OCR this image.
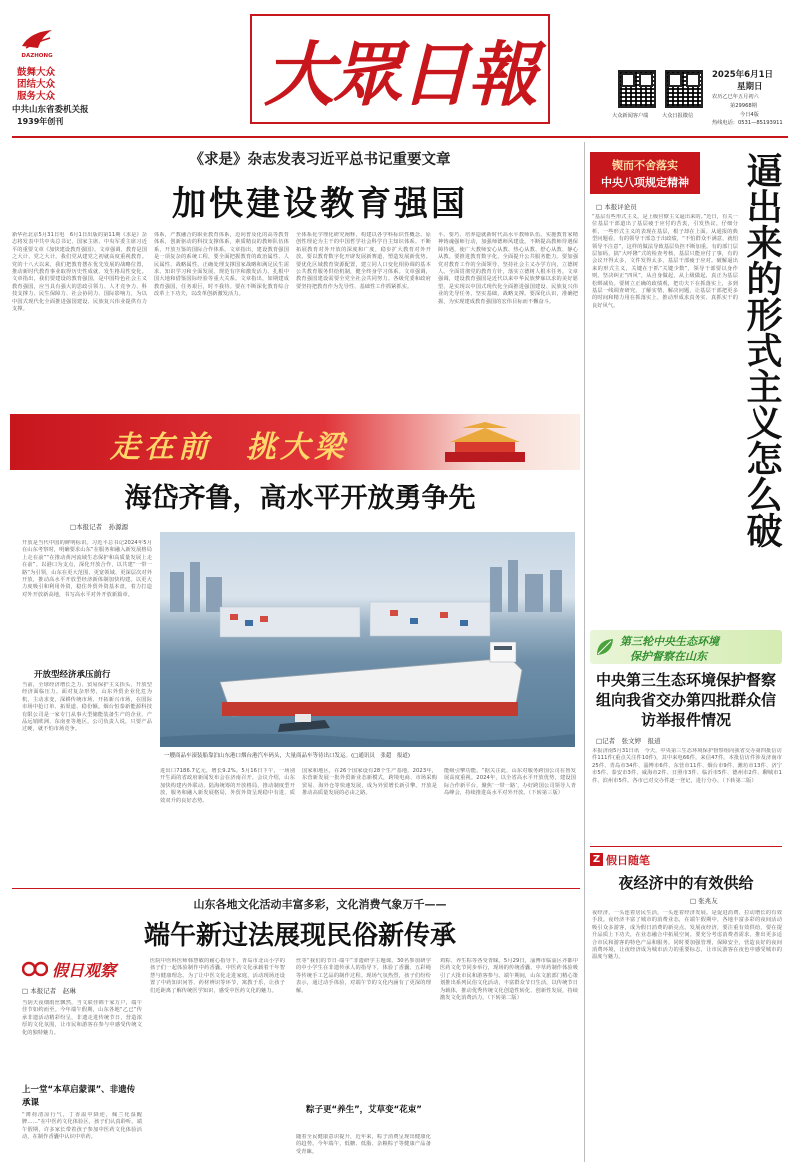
DAZHONG
鼓舞大众
团结大众
服务大众
中共山东省委机关报
1939年创刊
大眾日報
大众新闻客户端	大众日报微信
2025年6月1日
星期日
农历乙巳年五月初六
第29968期
今日4版
热线电话：0531—85193911
《求是》杂志发表习近平总书记重要文章
加快建设教育强国
新华社北京5月31日电　6月1日出版的第11期《求是》杂志将发表中共中央总书记、国家主席、中央军委主席习近平的重要文章《加快建设教育强国》。文章强调，教育是国之大计、党之大计。我们党从建党之初就高度重视教育。党的十八大以来，我们把教育摆在优先发展的战略位置，推动新时代教育事业取得历史性成就、发生格局性变化。文章指出，我们要建设的教育强国，是中国特色社会主义教育强国，应当具有强大的思政引领力、人才竞争力、科技支撑力、民生保障力、社会协同力、国际影响力，为以中国式现代化全面推进强国建设、民族复兴伟业提供有力支撑。
体系，产教融合的职业教育体系，迈向普及化的高等教育体系，创新驱动的科技支撑体系，素质精良的教师队伍体系，开放互鉴的国际合作体系。文章指出，建设教育强国是一项复杂的系统工程，要全面把握教育的政治属性、人民属性、战略属性，正确处理支撑国家战略和满足民生需求、知识学习和全面发展、规范有序和激发活力、扎根中国大地和借鉴国际经验等重大关系。文章指出，如期建成教育强国，任务艰巨，时不我待。要在不断深化教育综合改革上下功夫，以改革创新激发活力。
全体系化学理化研究阐释，构建以各学科标识性概念、原创性理论为主干的中国哲学社会科学自主知识体系。不断拓展教育对外开放的深度和广度，稳步扩大教育对外开放。要以教育数字化开辟发展新赛道、塑造发展新优势。要优化区域教育资源配置，建立同人口变化相协调的基本公共教育服务供给机制，健全终身学习体系。文章强调，教育强国建设需要全党全社会共同努力。各级党委和政府要坚持把教育作为先导性、基础性工作抓紧抓实。
平。要巧、培养造就新时代高水平教师队伍。实施教育家精神铸魂强师行动，加强师德师风建设。不断提高教师待遇保障待遇，使广大教师安心从教、热心从教、舒心从教、静心从教。要推进教育数字化，全面提升公共服务能力。要加强党对教育工作的全面领导，坚持社会主义办学方向，立德树人。全面贯彻党的教育方针，落实立德树人根本任务。文章强调，建设教育强国是近代以来中华民族梦寐以求的美好愿望，是实现以中国式现代化全面推进强国建设、民族复兴伟业的先导任务，坚实基础，战略支撑。要深化认识，准确把握，为实现建成教育强国的宏伟目标而不懈奋斗。
走在前　挑大梁
海岱齐鲁，高水平开放勇争先
□本报记者　孙源源
开放是当代中国的鲜明标识。习近平总书记2024年5月在山东考察时，明确要求山东“在服务和融入新发展格局上走在前”“在推动黄河流域生态保护和高质量发展上走在前”。以港口为支点，深化开放合作，以共建“一带一路”为引领，山东在更大范围、更宽领域、更深层次对外开放，推动高水平开放型经济新体制加快构建。以更大力度吸引和利用外资，稳住外贸外资基本盘，着力打造对外开放新高地，书写高水平对外开放新篇章。
开放型经济承压前行
当前，全球经济增长乏力、贸易保护主义抬头，开放型经济面临压力。面对复杂形势，山东外贸企业化危为机，主动求变，深耕传统市场、开拓新兴市场，在国际市场中抢订单、拓渠道、稳份额。烟台恒泰新能源科技有限公司是一家专门从事大型储能装备生产的企业，产品远销欧洲、东南亚等地区。公司负责人说，只要产品过硬，就不怕市场竞争。
一艘商品车滚装船靠泊山东港口烟台港汽车码头，大量商品车等待出口发运。(□通讯员　张超　报道)
进出口7186.7亿元，增长9.2%。5月16日下午，一场别开生面的省政府新闻发布会在济南召开。会议介绍，山东加快构建内外联动、陆海统筹的开放格局，推动制度型开放，服务和融入新发展格局，外贸外资呈现稳中有进、质效双升的良好态势。
国家和地区，在26个国家设有28个生产基地。2023年，东营新发展一批外贸新业态新模式，跨境电商、市场采购贸易、海外仓等快速发展，成为外贸增长新引擎。开放是推动高质量发展的必由之路。
能级引擎功能。“据关注此，山东对服务跨国公司在鲁发展高度重视。2024年，以全省高水平开放优势，建设国际合作新平台，聚焦‘一带一路’，办好跨国公司领导人青岛峰会，持续推进高水平对外开放。（下转第三版）
山东各地文化活动丰富多彩，文化消费气象万千——
端午新过法展现民俗新传承
假日观察
□ 本报记者　赵琳
当阴天夜细雨丝飘然，当文联佳锦千家万户，端午佳节如约而至。今年端午假期，山东各地“乙已”传承非遗活动精彩纷呈，非遗走进传统节日，营造浓厚的文化氛围，让市民和游客在参与中感受传统文化的独特魅力。
上一堂“本草启蒙课”、非遗传承课
“薄荷清凉行气，丁香温中降逆，佩兰化湿醒脾……”在中医药文化体验区，孩子们认真聆听。端午假期，许多家长带着孩子参加中医药文化体验活动，在制作香囊中认识中草药。
医院中医科医师韩慧敏的耐心指导下，青岛市北山小学的孩子们一起体验制作中药香囊。中医药文化承载着千年智慧与健康理念。为了让中医文化走进家庭，活动现场还设置了中药知识问答、药材辨识等环节，寓教于乐，让孩子们近距离了解传统医学知识，感受中医药文化的魅力。
丝等“我们的节日·端午”非遗研学主题课。30名参加研学的中小学生在非遗传承人的指导下，体验了香囊、五彩绳等传统手工艺品的制作过程。现场气氛热烈，孩子们纷纷表示，通过动手体验，对端午节的文化内涵有了更深的理解。
粽子更“养生”，艾草变“花束”
随着全民健康意识提升，近年来，粽子消费呈现出健康化的趋势。今年端午，低糖、低脂、杂粮粽子等健康产品备受青睐。
鸡粽、养生粽等各受青睐。5月29日，淄博市临淄区齐都中医药文化节同步举行，现场的传统香囊、中草药制作体验吸引了大批市民和游客参与。端午期间，山东文旅部门精心策划推出系列民俗文化活动，丰富群众节日生活，以传统节日为载体，推动优秀传统文化创造性转化、创新性发展，持续激发文化消费活力。（下转第二版）
锲而不舍落实
中央八项规定精神
□ 本报评论员	逼出来的形式主义怎么破
“基层有些形式主义，是上级官僚主义逼出来的。”近日，有关一位基层干部道出了基层疲于应付的苦衷，引发热议。仔细分析，一些形式主义的表现在基层，根子却在上面。从通报的典型问题看，有的领导干部急于出政绩，“不怕群众不满意，就怕领导不注意”，这样的做法导致基层负担不断加重。有的部门层层加码，搞“大呼隆”式的检查考核，基层只能应付了事，有的会议开得太多，文件发得太多，基层干部疲于应对。破解逼出来的形式主义，关键在于抓“关键少数”，领导干部要以身作则，坚决纠正“四风”，从自身做起，从上级做起，真正为基层松绑减负。要树立正确的政绩观，把功夫下在抓落实上，多到基层一线调查研究，了解实情，解决问题，让基层干部把更多的时间和精力用在抓落实上，推动形成求真务实、真抓实干的良好风气。
第三轮中央生态环境
保护督察在山东
中央第三生态环境保护督察组向我省交办第四批群众信访举报件情况
□记者　张文婷　报道
本报济南5月31日讯　今天，中央第三生态环境保护督察组向我省交办第四批信访件111件(重点关注件10件)，其中来电66件，来信47件。本批信访件涉及济南市25件、青岛市34件、淄博市6件、东营市11件、烟台市9件、潍坊市13件、济宁市5件、泰安市3件、威海市2件、日照市3件、临沂市5件、德州市2件、聊城市1件、滨州市5件。各市已对交办件逐一登记，进行分办。（下转第二版）
Z 假日随笔
夜经济中的有效供给
□ 张兆友
夜经济，一头连着居民生活，一头连着经济发展。是促进消费、拉动增长的有效手段。夜经济丰富了城市的消费业态，在端午假期中，各地丰富多彩的夜间活动吸引众多游客，成为假日消费的新亮点。发展夜经济，要注重有效供给，要在提升品质上下功夫，在业态融合中拓展空间。要充分考虑消费者需求，推出更多适合市民和游客的特色产品和服务。同时要加强管理，保障安全，营造良好的夜间消费环境，让夜经济成为城市活力的重要标志，让市民游客在夜色中感受城市的温度与魅力。
